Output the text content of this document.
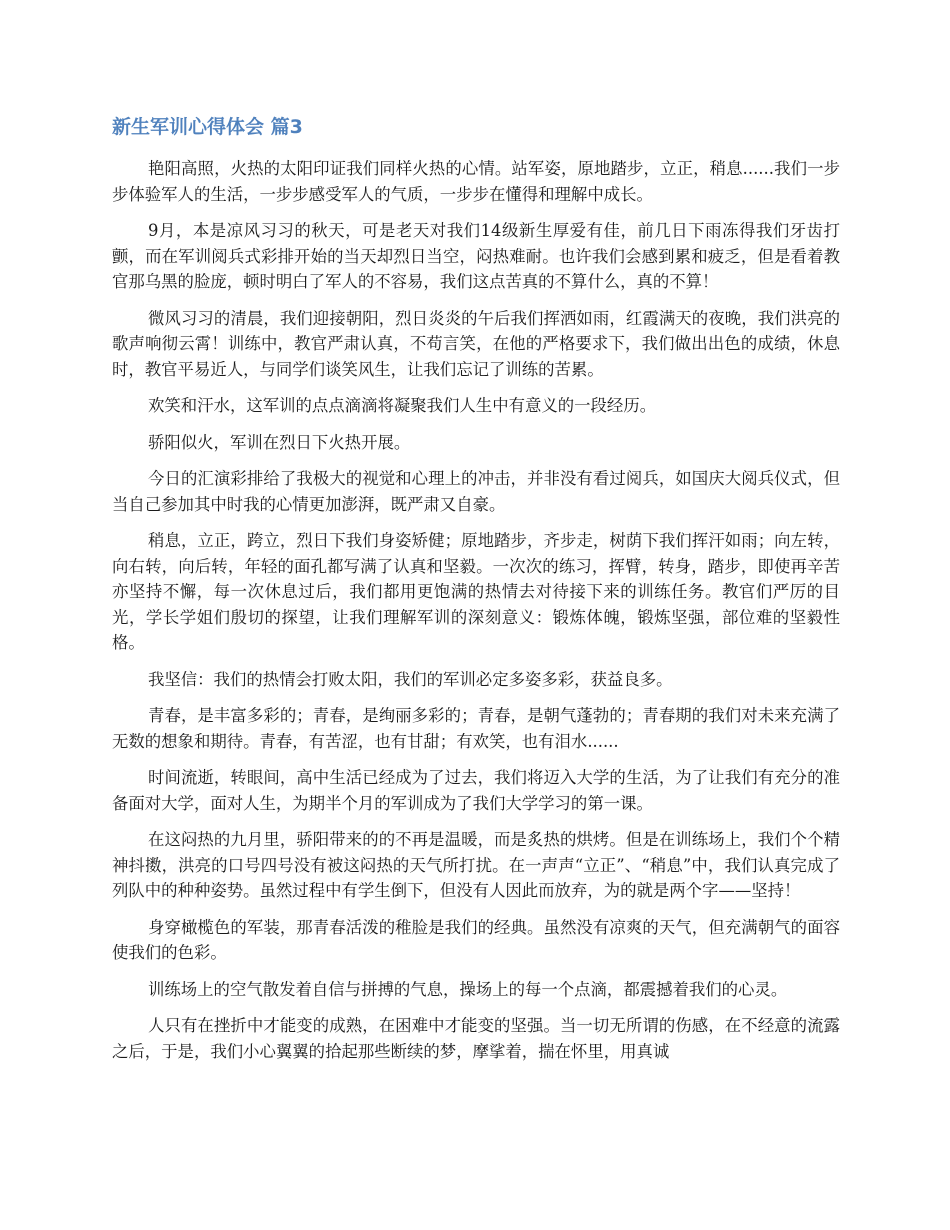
新生军训心得体会 篇3

艳阳高照，火热的太阳印证我们同样火热的心情。站军姿，原地踏步，立正，稍息......我们一步步体验军人的生活，一步步感受军人的气质，一步步在懂得和理解中成长。

9月，本是凉风习习的秋天，可是老天对我们14级新生厚爱有佳，前几日下雨冻得我们牙齿打颤，而在军训阅兵式彩排开始的当天却烈日当空，闷热难耐。也许我们会感到累和疲乏，但是看着教官那乌黑的脸庞，顿时明白了军人的不容易，我们这点苦真的不算什么，真的不算！

微风习习的清晨，我们迎接朝阳，烈日炎炎的午后我们挥洒如雨，红霞满天的夜晚，我们洪亮的歌声响彻云霄！训练中，教官严肃认真，不苟言笑，在他的严格要求下，我们做出出色的成绩，休息时，教官平易近人，与同学们谈笑风生，让我们忘记了训练的苦累。

欢笑和汗水，这军训的点点滴滴将凝聚我们人生中有意义的一段经历。

骄阳似火，军训在烈日下火热开展。

今日的汇演彩排给了我极大的视觉和心理上的冲击，并非没有看过阅兵，如国庆大阅兵仪式，但当自己参加其中时我的心情更加澎湃，既严肃又自豪。

稍息，立正，跨立，烈日下我们身姿矫健；原地踏步，齐步走，树荫下我们挥汗如雨；向左转，向右转，向后转，年轻的面孔都写满了认真和坚毅。一次次的练习，挥臂，转身，踏步，即使再辛苦亦坚持不懈，每一次休息过后，我们都用更饱满的热情去对待接下来的训练任务。教官们严厉的目光，学长学姐们殷切的探望，让我们理解军训的深刻意义：锻炼体魄，锻炼坚强，部位难的坚毅性格。

我坚信：我们的热情会打败太阳，我们的军训必定多姿多彩，获益良多。

青春，是丰富多彩的；青春，是绚丽多彩的；青春，是朝气蓬勃的；青春期的我们对未来充满了无数的想象和期待。青春，有苦涩，也有甘甜；有欢笑，也有泪水......

时间流逝，转眼间，高中生活已经成为了过去，我们将迈入大学的生活，为了让我们有充分的准备面对大学，面对人生，为期半个月的军训成为了我们大学学习的第一课。

在这闷热的九月里，骄阳带来的的不再是温暖，而是炙热的烘烤。但是在训练场上，我们个个精神抖擞，洪亮的口号四号没有被这闷热的天气所打扰。在一声声“立正”、“稍息”中，我们认真完成了列队中的种种姿势。虽然过程中有学生倒下，但没有人因此而放弃，为的就是两个字——坚持！

身穿橄榄色的军装，那青春活泼的稚脸是我们的经典。虽然没有凉爽的天气，但充满朝气的面容使我们的色彩。

训练场上的空气散发着自信与拼搏的气息，操场上的每一个点滴，都震撼着我们的心灵。

人只有在挫折中才能变的成熟，在困难中才能变的坚强。当一切无所谓的伤感，在不经意的流露之后，于是，我们小心翼翼的拾起那些断续的梦，摩挲着，揣在怀里，用真诚
